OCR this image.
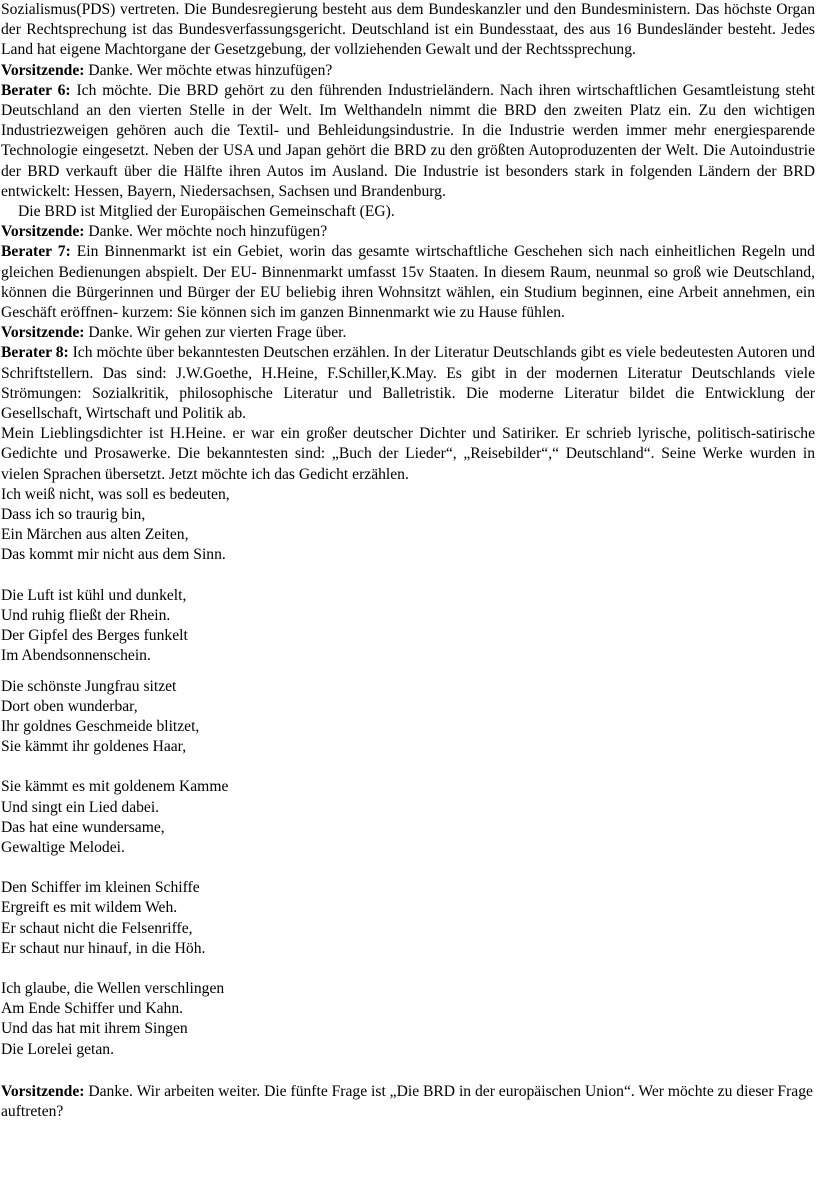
Sozialismus(PDS) vertreten. Die Bundesregierung besteht aus dem Bundeskanzler und den Bundesministern. Das höchste Organ der Rechtsprechung ist das Bundesverfassungsgericht. Deutschland ist ein Bundesstaat, des aus 16 Bundesländer besteht. Jedes Land hat eigene Machtorgane der Gesetzgebung, der vollziehenden Gewalt und der Rechtssprechung.

Vorsitzende: Danke. Wer möchte etwas hinzufügen?

Berater 6: Ich möchte. Die BRD gehört zu den führenden Industrieländern. Nach ihren wirtschaftlichen Gesamtleistung steht Deutschland an den vierten Stelle in der Welt. Im Welthandeln nimmt die BRD den zweiten Platz ein. Zu den wichtigen Industriezweigen gehören auch die Textil- und Behleidungsindustrie. In die Industrie werden immer mehr energiesparende Technologie eingesetzt. Neben der USA und Japan gehört die BRD zu den größten Autoproduzenten der Welt. Die Autoindustrie der BRD verkauft über die Hälfte ihren Autos im Ausland. Die Industrie ist besonders stark in folgenden Ländern der BRD entwickelt: Hessen, Bayern, Niedersachsen, Sachsen und Brandenburg.

Die BRD ist Mitglied der Europäischen Gemeinschaft (EG).

Vorsitzende: Danke. Wer möchte noch hinzufügen?

Berater 7: Ein Binnenmarkt ist ein Gebiet, worin das gesamte wirtschaftliche Geschehen sich nach einheitlichen Regeln und gleichen Bedienungen abspielt. Der EU- Binnenmarkt umfasst 15v Staaten. In diesem Raum, neunmal so groß wie Deutschland, können die Bürgerinnen und Bürger der EU beliebig ihren Wohnsitzt wählen, ein Studium beginnen, eine Arbeit annehmen, ein Geschäft eröffnen- kurzem: Sie können sich im ganzen Binnenmarkt wie zu Hause fühlen.

Vorsitzende: Danke. Wir gehen zur vierten Frage über.

Berater 8: Ich möchte über bekanntesten Deutschen erzählen. In der Literatur Deutschlands gibt es viele bedeutesten Autoren und Schriftstellern. Das sind: J.W.Goethe, H.Heine, F.Schiller,K.May. Es gibt in der modernen Literatur Deutschlands viele Strömungen: Sozialkritik, philosophische Literatur und Balletristik. Die moderne Literatur bildet die Entwicklung der Gesellschaft, Wirtschaft und Politik ab.

Mein Lieblingsdichter ist H.Heine. er war ein großer deutscher Dichter und Satiriker. Er schrieb lyrische, politisch-satirische Gedichte und Prosawerke. Die bekanntesten sind: „Buch der Lieder“, „Reisebilder“,“ Deutschland“. Seine Werke wurden in vielen Sprachen übersetzt. Jetzt möchte ich das Gedicht erzählen.

Ich weiß nicht, was soll es bedeuten,
Dass ich so traurig bin,
Ein Märchen aus alten Zeiten,
Das kommt mir nicht aus dem Sinn.
Die Luft ist kühl und dunkelt,
Und ruhig fließt der Rhein.
Der Gipfel des Berges funkelt
Im Abendsonnenschein.
Die schönste Jungfrau sitzet
Dort oben wunderbar,
Ihr goldnes Geschmeide blitzet,
Sie kämmt ihr goldenes Haar,
Sie kämmt es mit goldenem Kamme
Und singt ein Lied dabei.
Das hat eine wundersame,
Gewaltige Melodei.
Den Schiffer im kleinen Schiffe
Ergreift es mit wildem Weh.
Er schaut nicht die Felsenriffe,
Er schaut nur hinauf, in die Höh.
Ich glaube, die Wellen verschlingen
Am Ende Schiffer und Kahn.
Und das hat mit ihrem Singen
Die Lorelei getan.

Vorsitzende: Danke. Wir arbeiten weiter. Die fünfte Frage ist „Die BRD in der europäischen Union“. Wer möchte zu dieser Frage auftreten?
